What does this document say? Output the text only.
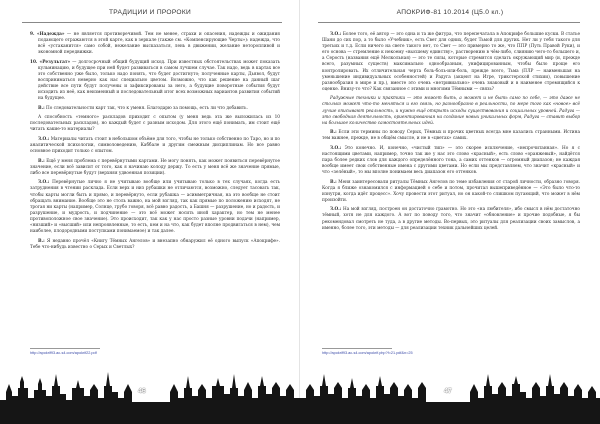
ТРАДИЦИИ И ПРОРОКИ

9. «Надежда» — не является противоречивой. Тем не менее, страхи и опасения, надежды и ожидания подающего отражаются в этой карте, как в зеркале (также см. «Компенсирующие Черты»): надежда, что всё «устаканится» само собой, нежелание высказаться, лень в движении, желание неторопливой и экономной передвижки.

10. «Результат» — долгосрочный общий будущий исход. При известных обстоятельствах может показать кульминацию, и будущее при ней будет развиваться в самом лучшем случае. Так надо, ведь в картах все это собственно уже было, только надо понять, что будет достигнуто; полученные карты, Дьявол, будут восприниматься неверно как нас специально цветом. Возможно, что как решение на данный шаг действие все пути будут получены и зафиксированы за него, а будущие поворотные события будут исходить из неё, как неизменный и последовательный итог всех возможных вариантов развития событий на будущее.

В.: По следовательности карт так, что к уменя. Благодарю за помощь, есть ли что добавить.

А способность «темного» раскладов приходит с опытом (у меня ведь эта же выложилась из 10 последовательных раскладов), но каждый будет с разным исходом. Для этого ещё понимать, им стоит ещё читать какие-то материалы?

З.О.: Материалы читать стоит в небольшом объёме для того, чтобы не только собственно по Таро, но и по аналитической психологии, символоведению, Каббале и другим смежным дисциплинам. Но все равно основное приходит только с опытом.

В.: Ещё у меня проблема с перевёрнутыми картами. Не могу понять, как может появиться перевёрнутое значение, если всё зависит от того, как я начинаю колоду держу. То есть у меня всё же значение прямые, либо все перевёрнутые будут (верхняя удвоенная позиции).

З.О.: Перевёрнутые лично я не учитываю вообще или учитываю только в тех случаях, когда есть затруднения в чтении расклада. Если верх и низ рубашки не отличаются, возможно, следует тасовать так, чтобы карты могли быть и прямо, и перевёрнуто, если рубашка — асимметричная, на это вообще не стоит обращать внимание. Вообще это не столь важно, на мой взгляд, так как прямые по положению исходят, не трогая ни карты (например, Солнце, грубо говоря, всё равно радость, а Башня — разрушение, но и радость, и разрушение, и мудрость, и подчинение — это всё может носить иной характер, но тем не менее противоположное свое значение). Это происходит, так как у нас просто разные уровни подачи (например, «низший» и «высший» или непроявленные, то есть, кем и на что, как будет вполне продвигаться в нем), чем наиболее, плодородными поступками понимаемое) и так далее.

В.: Я недавно прочёл «Книгу Тёмных Ангелов» и внезапно обнаружил её одного выпуск «Апокрифе». Тебе что-нибудь известно о Серых и Светлых?

http://apokrif93.ac-s4.com/apokrif22.pdf
46
АПОКРИФ-81 10.2014 (Ц5.0 кл.)

З.О.: Более того, её автор — это одна и та же фигура, что перепечатала в Апокрифе большие куски. В статье Шани до сих пор, а то было «Учебник», есть Свет для одних, будет Тьмой для других. Нет ли у тебя такого для третьих и т.д. Если ничего на свете такого нет, то Свет — это примерно то же, что ППР (Путь Правой Руки), и его основа — стремление к некоему «высшему единству», растворению в чём-либо, слиянию чего-то большего и, а Серость (названия ещё Мелкольная) — это те силы, которые стремятся сделать окружающий мир (и, прежде всего, разумных существ) максимально однообразным, унифицированным, чтобы было проще его контролировать. Их отличительная черта боль-боль-или-боль, прежде всего, Тьма (ПЛР — наименьшая на уменьшение индивидуальных особенностей) и Радуга (акцент на Игре, трикстерской стихии), повышение разнообразия в мире и пр.), вместе это очень «нетривиально» очень знаковый и в наименее стремящийся к оценке. Внизу-то что? Как связанное с этими и многими Тёмными — связь?

Радужные техники и практики — это может быть, а может и не быть само по себе, — это даже не столько может что-то меняться и его связь, но разнообразно в реальности, по мере того как «новое» всё лучше описывают реальность, и нужно ещё открыть исходы существования и социальных уровней. Радуга — это свободная деятельность, ориентированная на создание новых уникальных форм, Радуга — ставит выбор на большое количество самостоятельных идей.

В.: Если эти термины по поводу Серых, Тёмных и прочих цветных всегда мне казались странными. Истина тем важнее, прежде, не в общём смысле, и не в «цветах» самих.

З.О.: Это конечно. И, конечно, «чистый тип» — это скорее исключение, «непрочитанная». Но я с настоящими цветами, например, точно так же у нас это слово «красный», есть слово «оранжевый», найдётся пара более редких слов для каждого определённого тона, а самих оттенков — огромный диапазон; не каждая вообще имеет свои собственные имена с другими цветами. Но если мы представляем, что значит «красный» и что «зелёный», то мы вполне понимаем весь диапазон его оттенков.

В.: Меня заинтересовали ритуалы Тёмных Ангелов по теме избавления от старой личности, образно говоря. Когда я ближе ознакомился с информацией о себе и потом, прочитал вышеприведённое — «Это было что-то изнутри, когда идёт процесс». Хочу провести этот ритуал, но он какой-то слишком пугающий, что может в нём произойти.

З.О.: На мой взгляд, построен он достаточно грамотно. Но это «на любителя», ибо смысл в нём достаточно тёмный, хотя не для каждого. А вот по поводу того, что значит «обновление» и прочие подобные, я бы рекомендовал смотреть не туда, а в другие методы. Во-первых, это ритуалы для реализации своих замыслов, а именно, более того, эти методы — для реализации техник дальнейших целей.

http://apokrif93.ac-s4.com/apokrif.php?f=21.pdf&n=25
47
